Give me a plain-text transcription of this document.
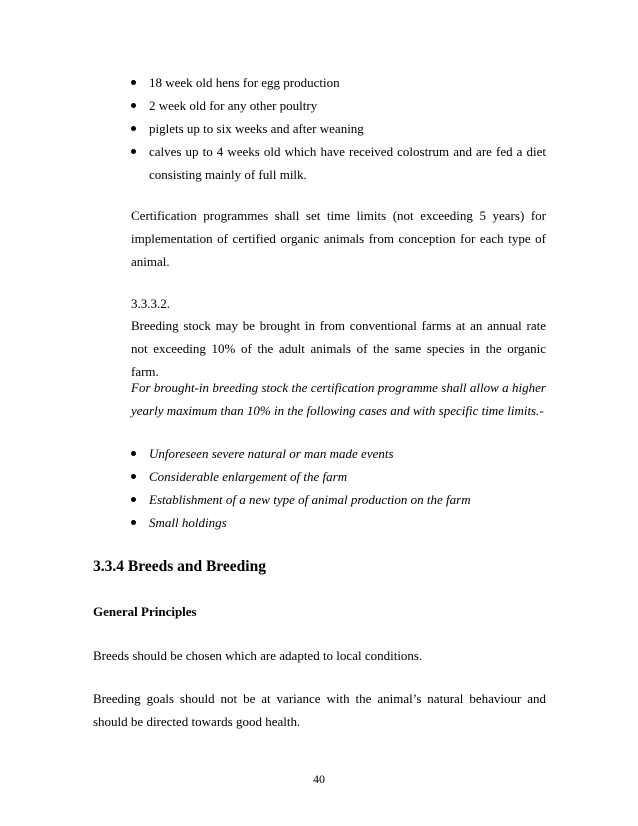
18 week old hens for egg production

2 week old for any other poultry

piglets up to six weeks and after weaning

calves up to 4 weeks old which have received colostrum and are fed a diet consisting mainly of full milk.

Certification programmes shall set time limits (not exceeding 5 years) for implementation of certified organic animals from conception for each type of animal.
3.3.3.2.
Breeding stock may be brought in from conventional farms at an annual rate not exceeding 10% of the adult animals of the same species in the organic farm.
For brought-in breeding stock the certification programme shall allow a higher yearly maximum than 10% in the following cases and with specific time limits.-

Unforeseen severe natural or man made events

Considerable enlargement of the farm

Establishment of a new type of animal production on the farm

Small holdings

3.3.4 Breeds and Breeding
General Principles
Breeds should be chosen which are adapted to local conditions.
Breeding goals should not be at variance with the animal’s natural behaviour and should be directed towards good health.
40
